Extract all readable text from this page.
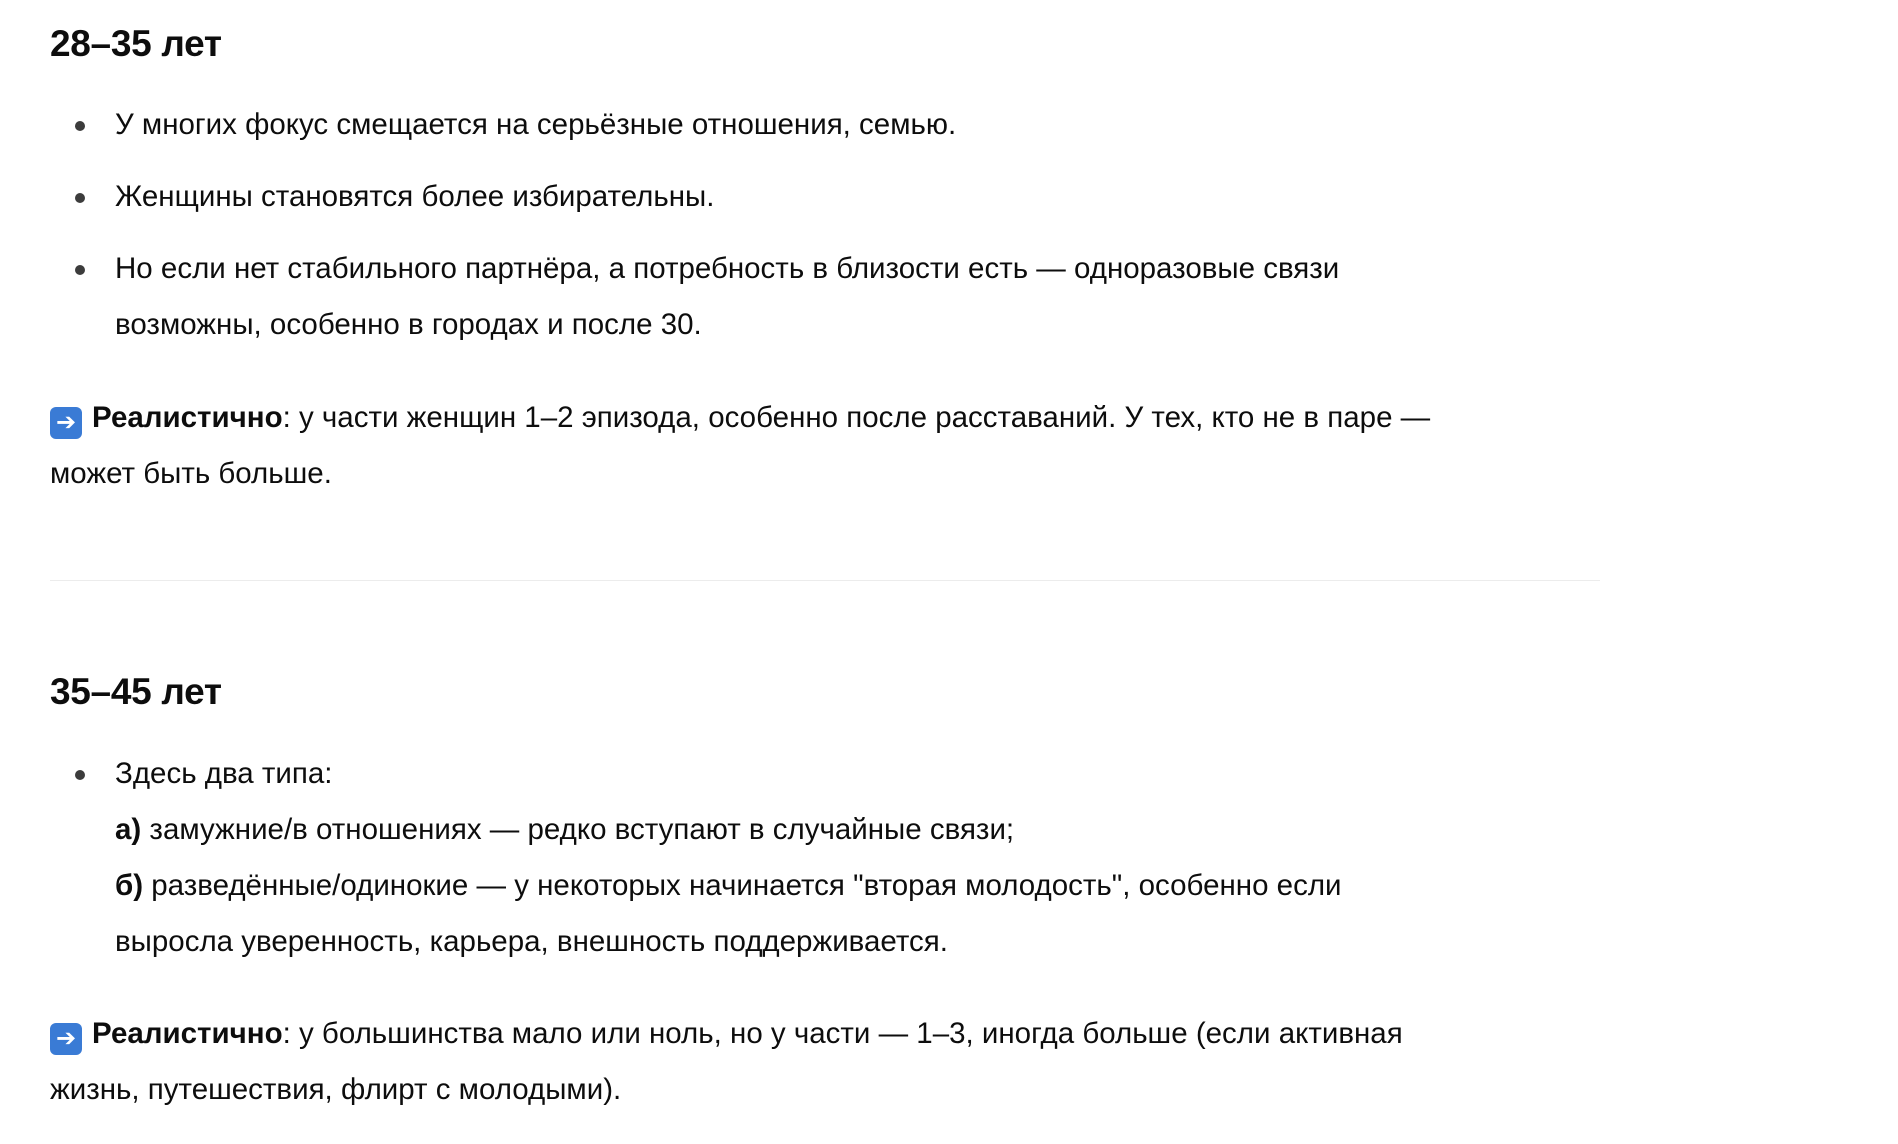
28–35 лет
У многих фокус смещается на серьёзные отношения, семью.
Женщины становятся более избирательны.
Но если нет стабильного партнёра, а потребность в близости есть — одноразовые связи
возможны, особенно в городах и после 30.

➔ Реалистично: у части женщин 1–2 эпизода, особенно после расставаний. У тех, кто не в паре —
может быть больше.

35–45 лет
Здесь два типа:
а) замужние/в отношениях — редко вступают в случайные связи;
б) разведённые/одинокие — у некоторых начинается "вторая молодость", особенно если
выросла уверенность, карьера, внешность поддерживается.

➔ Реалистично: у большинства мало или ноль, но у части — 1–3, иногда больше (если активная
жизнь, путешествия, флирт с молодыми).
